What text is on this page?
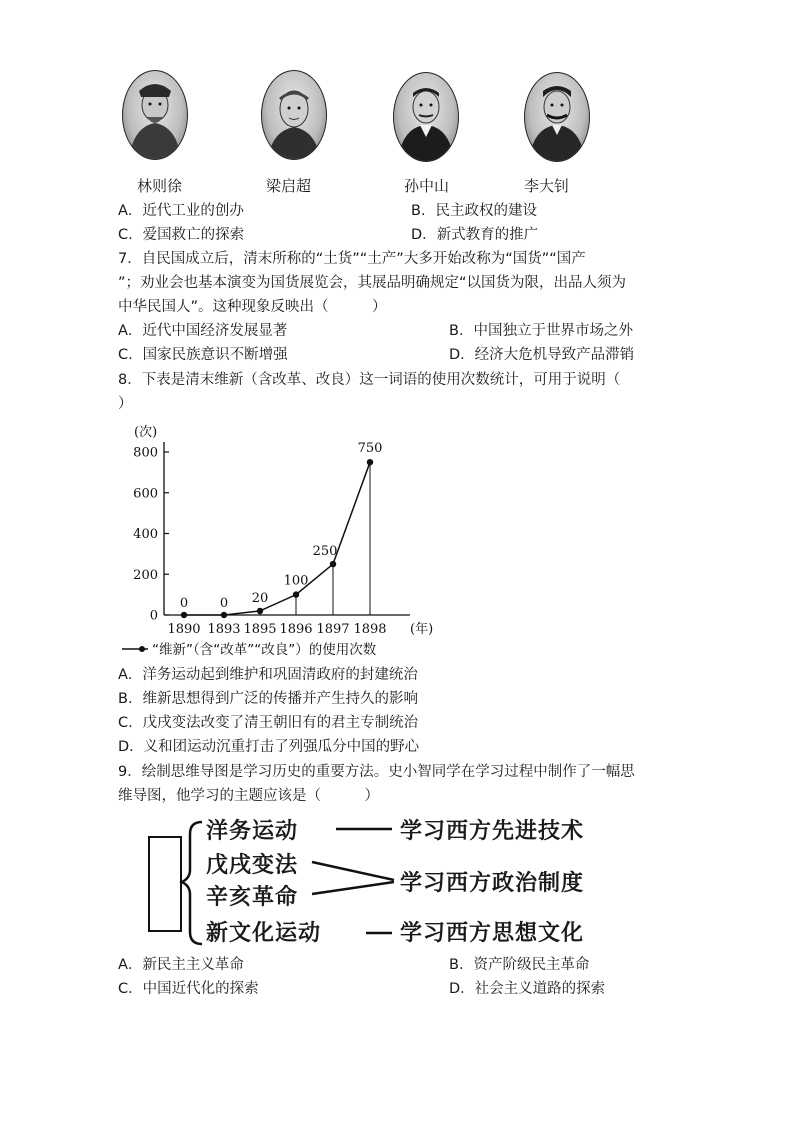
林则徐	梁启超	孙中山	李大钊
A．近代工业的创办	B．民主政权的建设
C．爱国救亡的探索	D．新式教育的推广
7．自民国成立后，清末所称的“土货”“土产”大多开始改称为“国货”“国产
”；劝业会也基本演变为国货展览会，其展品明确规定“以国货为限，出品人须为
中华民国人”。这种现象反映出（　　　）
A．近代中国经济发展显著	B．中国独立于世界市场之外
C．国家民族意识不断增强	D．经济大危机导致产品滞销
8．下表是清末维新（含改革、改良）这一词语的使用次数统计，可用于说明（
）
(次)
(年)
0
200
400
600
800
1890 1893 1895 1896 1897 1898
0 0 20
100
250
750
“维新”（含“改革”“改良”）的使用次数
A．洋务运动起到维护和巩固清政府的封建统治
B．维新思想得到广泛的传播并产生持久的影响
C．戊戌变法改变了清王朝旧有的君主专制统治
D．义和团运动沉重打击了列强瓜分中国的野心
9．绘制思维导图是学习历史的重要方法。史小智同学在学习过程中制作了一幅思
维导图，他学习的主题应该是（　　　）
洋务运动
戊戌变法
辛亥革命
新文化运动
学习西方先进技术
学习西方政治制度
学习西方思想文化
A．新民主主义革命	B．资产阶级民主革命
C．中国近代化的探索	D．社会主义道路的探索
